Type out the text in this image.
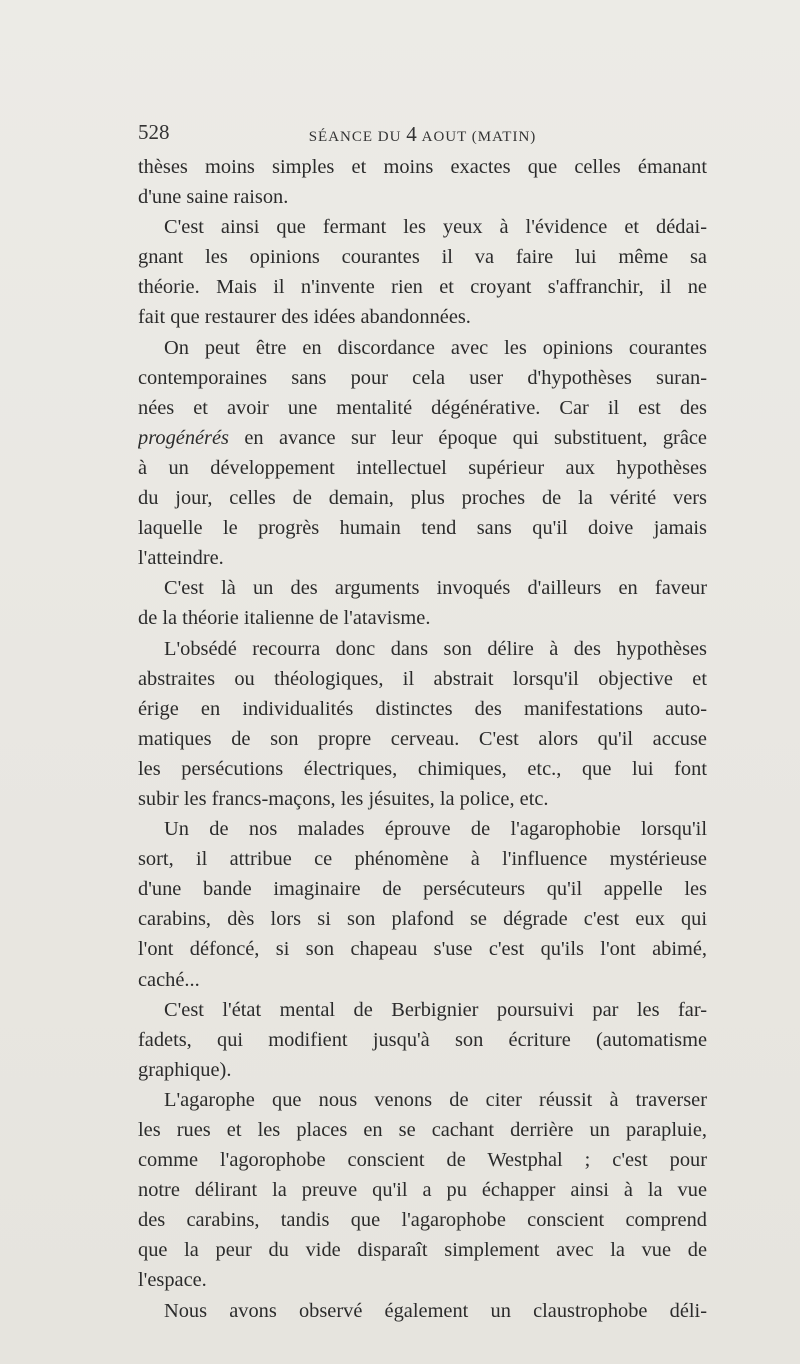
528	SÉANCE DU 4 AOUT (MATIN)
thèses moins simples et moins exactes que celles émanant
d'une saine raison.
C'est ainsi que fermant les yeux à l'évidence et dédai-
gnant les opinions courantes il va faire lui même sa
théorie. Mais il n'invente rien et croyant s'affranchir, il ne
fait que restaurer des idées abandonnées.
On peut être en discordance avec les opinions courantes
contemporaines sans pour cela user d'hypothèses suran-
nées et avoir une mentalité dégénérative. Car il est des
progénérés en avance sur leur époque qui substituent, grâce
à un développement intellectuel supérieur aux hypothèses
du jour, celles de demain, plus proches de la vérité vers
laquelle le progrès humain tend sans qu'il doive jamais
l'atteindre.
C'est là un des arguments invoqués d'ailleurs en faveur
de la théorie italienne de l'atavisme.
L'obsédé recourra donc dans son délire à des hypothèses
abstraites ou théologiques, il abstrait lorsqu'il objective et
érige en individualités distinctes des manifestations auto-
matiques de son propre cerveau. C'est alors qu'il accuse
les persécutions électriques, chimiques, etc., que lui font
subir les francs-maçons, les jésuites, la police, etc.
Un de nos malades éprouve de l'agarophobie lorsqu'il
sort, il attribue ce phénomène à l'influence mystérieuse
d'une bande imaginaire de persécuteurs qu'il appelle les
carabins, dès lors si son plafond se dégrade c'est eux qui
l'ont défoncé, si son chapeau s'use c'est qu'ils l'ont abimé,
caché...
C'est l'état mental de Berbignier poursuivi par les far-
fadets, qui modifient jusqu'à son écriture (automatisme
graphique).
L'agarophe que nous venons de citer réussit à traverser
les rues et les places en se cachant derrière un parapluie,
comme l'agorophobe conscient de Westphal ; c'est pour
notre délirant la preuve qu'il a pu échapper ainsi à la vue
des carabins, tandis que l'agarophobe conscient comprend
que la peur du vide disparaît simplement avec la vue de
l'espace.
Nous avons observé également un claustrophobe déli-
